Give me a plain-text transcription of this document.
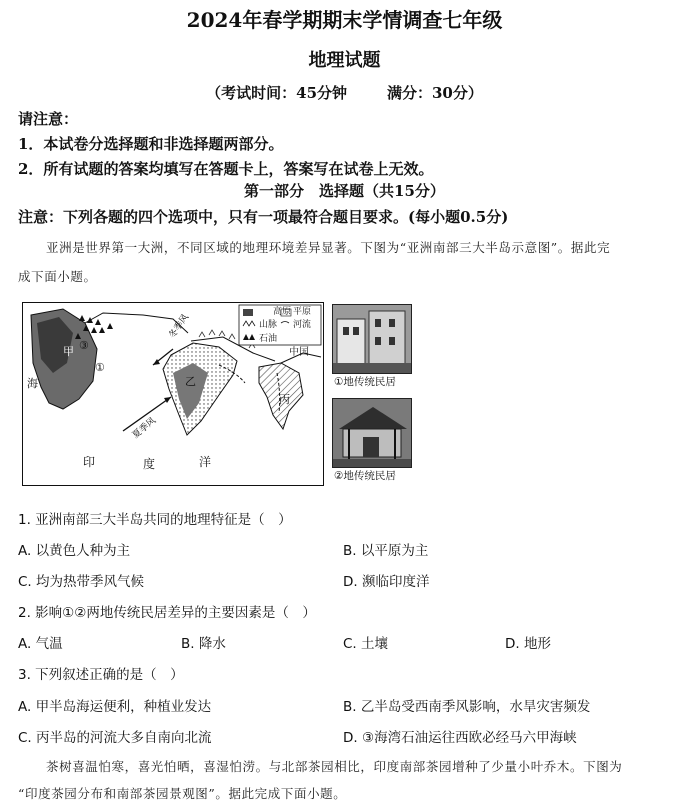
2024年春学期期末学情调查七年级
地理试题
（考试时间：45分钟	满分：30分）
请注意：
1．本试卷分选择题和非选择题两部分。
2．所有试题的答案均填写在答题卡上，答案写在试卷上无效。
第一部分　选择题（共15分）
注意：下列各题的四个选项中，只有一项最符合题目要求。(每小题0.5分)
亚洲是世界第一大洲，不同区域的地理环境差异显著。下图为“亚洲南部三大半岛示意图”。据此完
成下面小题。
高原 平原
山脉 河流
石油
甲
海
①
③
乙
丙
中国
冬季风
夏季风
印	度	洋
①地传统民居
②地传统民居
1. 亚洲南部三大半岛共同的地理特征是（　）
A. 以黄色人种为主	B. 以平原为主
C. 均为热带季风气候	D. 濒临印度洋
2. 影响①②两地传统民居差异的主要因素是（　）
A. 气温	B. 降水	C. 土壤	D. 地形
3. 下列叙述正确的是（　）
A. 甲半岛海运便利，种植业发达	B. 乙半岛受西南季风影响，水旱灾害频发
C. 丙半岛的河流大多自南向北流	D. ③海湾石油运往西欧必经马六甲海峡
茶树喜温怕寒，喜光怕晒，喜湿怕涝。与北部茶园相比，印度南部茶园增种了少量小叶乔木。下图为
“印度茶园分布和南部茶园景观图”。据此完成下面小题。
